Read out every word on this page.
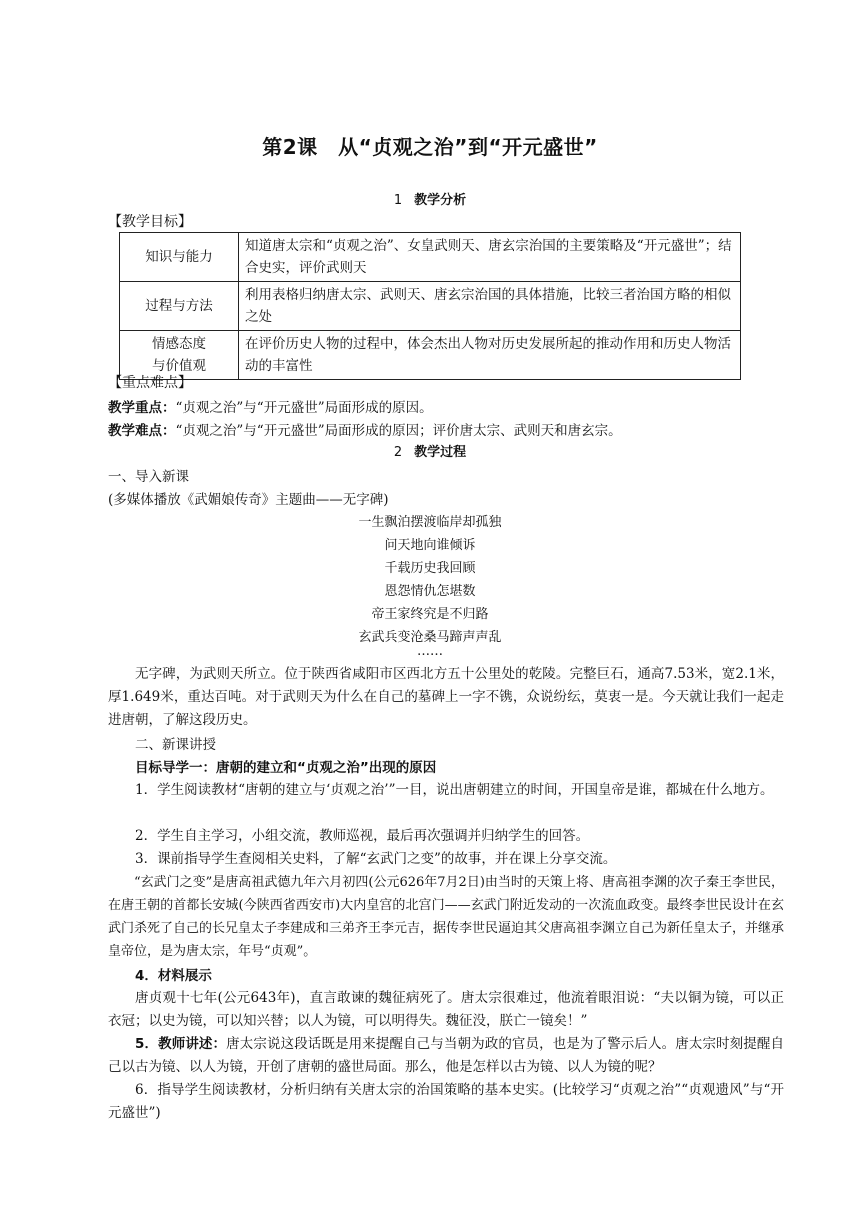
第2课　从“贞观之治”到“开元盛世”
1 教学分析
【教学目标】
知识与能力	知道唐太宗和“贞观之治”、女皇武则天、唐玄宗治国的主要策略及“开元盛世”；结合史实，评价武则天
过程与方法	利用表格归纳唐太宗、武则天、唐玄宗治国的具体措施，比较三者治国方略的相似之处
情感态度
与价值观	在评价历史人物的过程中，体会杰出人物对历史发展所起的推动作用和历史人物活动的丰富性
【重点难点】
教学重点：“贞观之治”与“开元盛世”局面形成的原因。
教学难点：“贞观之治”与“开元盛世”局面形成的原因；评价唐太宗、武则天和唐玄宗。
2 教学过程
一、导入新课
(多媒体播放《武媚娘传奇》主题曲——无字碑)
一生飘泊摆渡临岸却孤独
问天地向谁倾诉
千载历史我回顾
恩怨情仇怎堪数
帝王家终究是不归路
玄武兵变沧桑马蹄声声乱
……
无字碑，为武则天所立。位于陕西省咸阳市区西北方五十公里处的乾陵。完整巨石，通高7.53米，宽2.1米，厚1.649米，重达百吨。对于武则天为什么在自己的墓碑上一字不镌，众说纷纭，莫衷一是。今天就让我们一起走进唐朝，了解这段历史。
二、新课讲授
目标导学一：唐朝的建立和“贞观之治”出现的原因
1．学生阅读教材“唐朝的建立与‘贞观之治’”一目，说出唐朝建立的时间，开国皇帝是谁，都城在什么地方。
2．学生自主学习，小组交流，教师巡视，最后再次强调并归纳学生的回答。
3．课前指导学生查阅相关史料，了解“玄武门之变”的故事，并在课上分享交流。
“玄武门之变”是唐高祖武德九年六月初四(公元626年7月2日)由当时的天策上将、唐高祖李渊的次子秦王李世民，在唐王朝的首都长安城(今陕西省西安市)大内皇宫的北宫门——玄武门附近发动的一次流血政变。最终李世民设计在玄武门杀死了自己的长兄皇太子李建成和三弟齐王李元吉，据传李世民逼迫其父唐高祖李渊立自己为新任皇太子，并继承皇帝位，是为唐太宗，年号“贞观”。
4．材料展示
唐贞观十七年(公元643年)，直言敢谏的魏征病死了。唐太宗很难过，他流着眼泪说：“夫以铜为镜，可以正衣冠；以史为镜，可以知兴替；以人为镜，可以明得失。魏征没，朕亡一镜矣！”
5．教师讲述：唐太宗说这段话既是用来提醒自己与当朝为政的官员，也是为了警示后人。唐太宗时刻提醒自己以古为镜、以人为镜，开创了唐朝的盛世局面。那么，他是怎样以古为镜、以人为镜的呢？
6．指导学生阅读教材，分析归纳有关唐太宗的治国策略的基本史实。(比较学习“贞观之治”“贞观遗风”与“开元盛世”)
